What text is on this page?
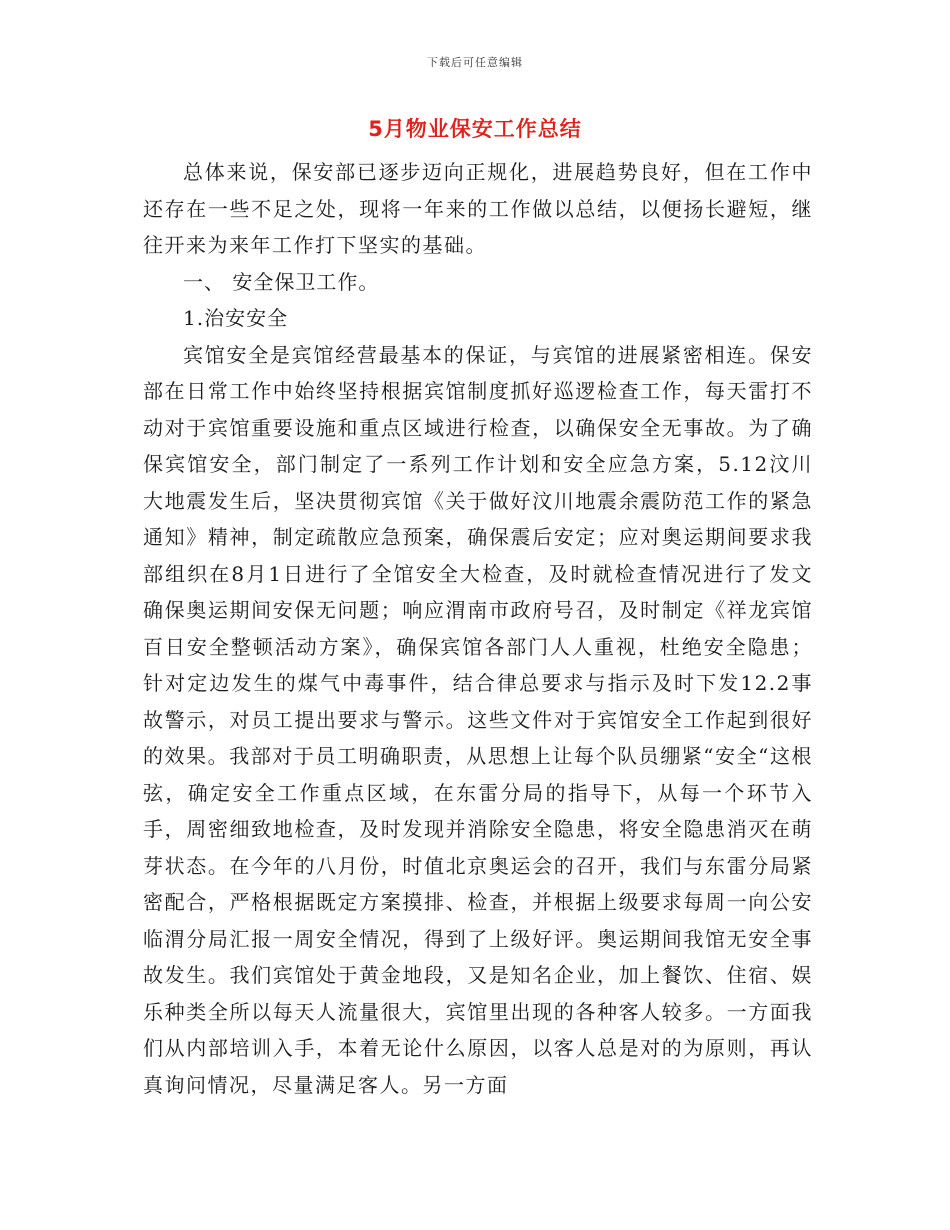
下载后可任意编辑
5月物业保安工作总结

总体来说，保安部已逐步迈向正规化，进展趋势良好，但在工作中还存在一些不足之处，现将一年来的工作做以总结，以便扬长避短，继往开来为来年工作打下坚实的基础。

一、 安全保卫工作。

1.治安安全

宾馆安全是宾馆经营最基本的保证，与宾馆的进展紧密相连。保安部在日常工作中始终坚持根据宾馆制度抓好巡逻检查工作，每天雷打不动对于宾馆重要设施和重点区域进行检查，以确保安全无事故。为了确保宾馆安全，部门制定了一系列工作计划和安全应急方案，5.12汶川大地震发生后，坚决贯彻宾馆《关于做好汶川地震余震防范工作的紧急通知》精神，制定疏散应急预案，确保震后安定；应对奥运期间要求我部组织在8月1日进行了全馆安全大检查，及时就检查情况进行了发文确保奥运期间安保无问题；响应渭南市政府号召，及时制定《祥龙宾馆百日安全整顿活动方案》，确保宾馆各部门人人重视，杜绝安全隐患；针对定边发生的煤气中毒事件，结合律总要求与指示及时下发12.2事故警示，对员工提出要求与警示。这些文件对于宾馆安全工作起到很好的效果。我部对于员工明确职责，从思想上让每个队员绷紧“安全“这根弦，确定安全工作重点区域，在东雷分局的指导下，从每一个环节入手，周密细致地检查，及时发现并消除安全隐患，将安全隐患消灭在萌芽状态。在今年的八月份，时值北京奥运会的召开，我们与东雷分局紧密配合，严格根据既定方案摸排、检查，并根据上级要求每周一向公安临渭分局汇报一周安全情况，得到了上级好评。奥运期间我馆无安全事故发生。我们宾馆处于黄金地段，又是知名企业，加上餐饮、住宿、娱乐种类全所以每天人流量很大，宾馆里出现的各种客人较多。一方面我们从内部培训入手，本着无论什么原因，以客人总是对的为原则，再认真询问情况，尽量满足客人。另一方面
